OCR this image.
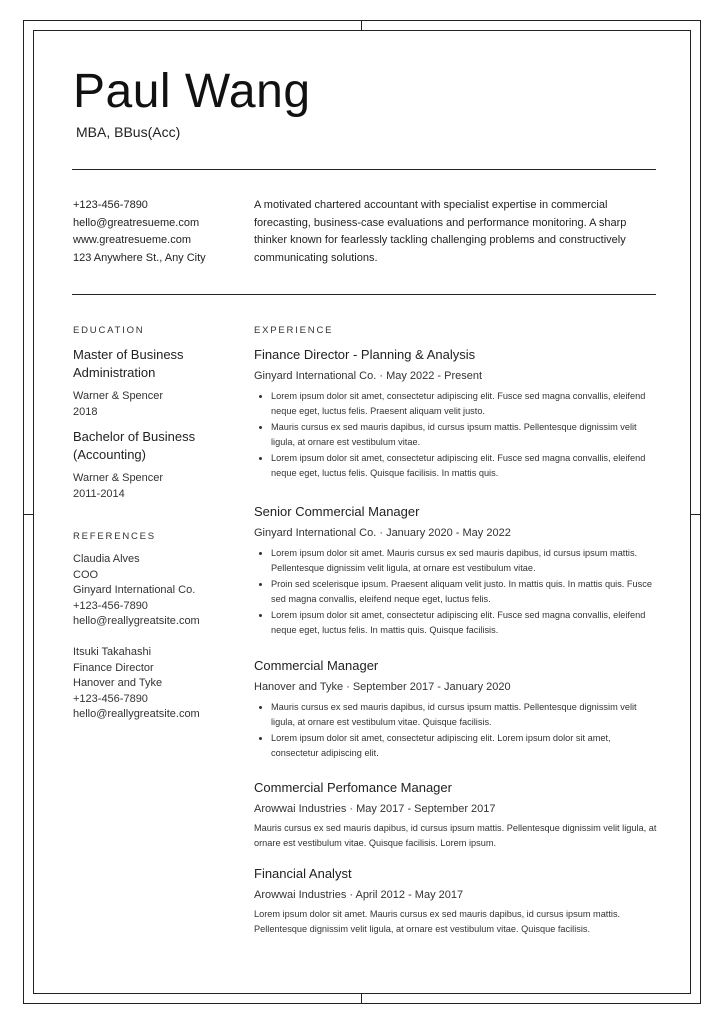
Paul Wang
MBA, BBus(Acc)
+123-456-7890
hello@greatresueme.com
www.greatresueme.com
123 Anywhere St., Any City
A motivated chartered accountant with specialist expertise in commercial forecasting, business-case evaluations and performance monitoring. A sharp thinker known for fearlessly tackling challenging problems and constructively communicating solutions.
EDUCATION
Master of Business Administration
Warner & Spencer
2018
Bachelor of Business (Accounting)
Warner & Spencer
2011-2014
REFERENCES
Claudia Alves
COO
Ginyard International Co.
+123-456-7890
hello@reallygreatsite.com
Itsuki Takahashi
Finance Director
Hanover and Tyke
+123-456-7890
hello@reallygreatsite.com
EXPERIENCE
Finance Director - Planning & Analysis
Ginyard International Co. · May 2022 - Present
• Lorem ipsum dolor sit amet, consectetur adipiscing elit. Fusce sed magna convallis, eleifend neque eget, luctus felis. Praesent aliquam velit justo.
• Mauris cursus ex sed mauris dapibus, id cursus ipsum mattis. Pellentesque dignissim velit ligula, at ornare est vestibulum vitae.
• Lorem ipsum dolor sit amet, consectetur adipiscing elit. Fusce sed magna convallis, eleifend neque eget, luctus felis. Quisque facilisis. In mattis quis.
Senior Commercial Manager
Ginyard International Co. · January 2020 - May 2022
• Lorem ipsum dolor sit amet. Mauris cursus ex sed mauris dapibus, id cursus ipsum mattis. Pellentesque dignissim velit ligula, at ornare est vestibulum vitae.
• Proin sed scelerisque ipsum. Praesent aliquam velit justo. In mattis quis. In mattis quis. Fusce sed magna convallis, eleifend neque eget, luctus felis.
• Lorem ipsum dolor sit amet, consectetur adipiscing elit. Fusce sed magna convallis, eleifend neque eget, luctus felis. In mattis quis. Quisque facilisis.
Commercial Manager
Hanover and Tyke · September 2017 - January 2020
• Mauris cursus ex sed mauris dapibus, id cursus ipsum mattis. Pellentesque dignissim velit ligula, at ornare est vestibulum vitae. Quisque facilisis.
• Lorem ipsum dolor sit amet, consectetur adipiscing elit. Lorem ipsum dolor sit amet, consectetur adipiscing elit.
Commercial Perfomance Manager
Arowwai Industries · May 2017 - September 2017
Mauris cursus ex sed mauris dapibus, id cursus ipsum mattis. Pellentesque dignissim velit ligula, at ornare est vestibulum vitae. Quisque facilisis. Lorem ipsum.
Financial Analyst
Arowwai Industries · April 2012 - May 2017
Lorem ipsum dolor sit amet. Mauris cursus ex sed mauris dapibus, id cursus ipsum mattis. Pellentesque dignissim velit ligula, at ornare est vestibulum vitae. Quisque facilisis.
